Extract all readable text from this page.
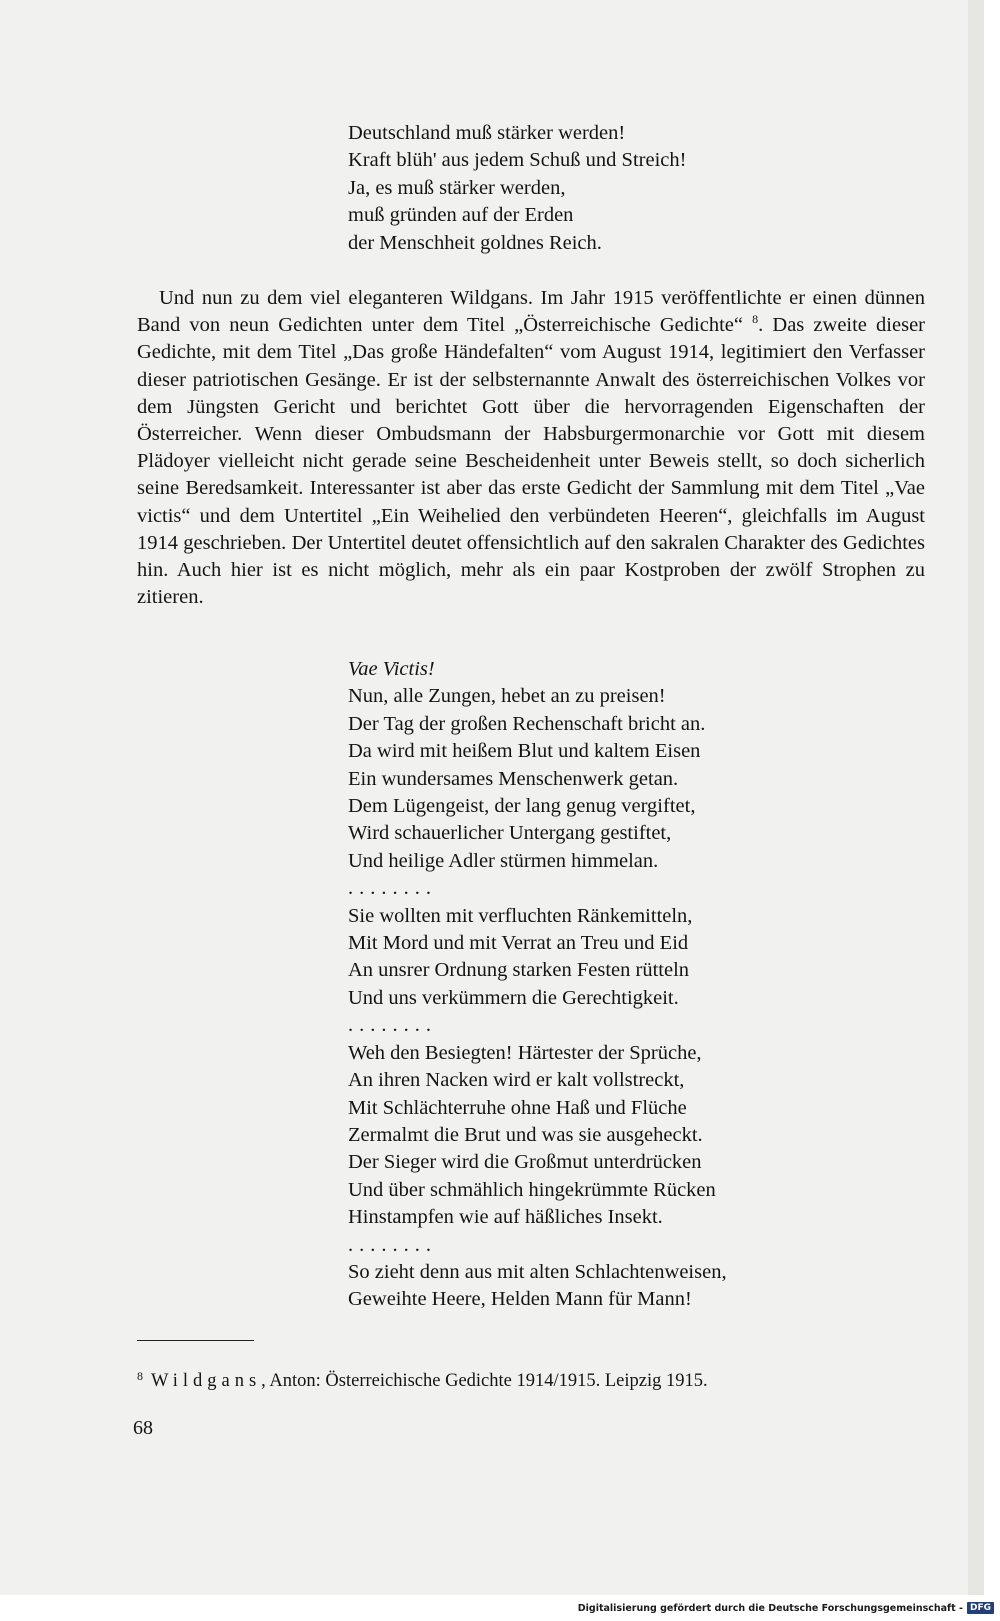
Deutschland muß stärker werden!
Kraft blüh' aus jedem Schuß und Streich!
Ja, es muß stärker werden,
muß gründen auf der Erden
der Menschheit goldnes Reich.

Und nun zu dem viel eleganteren Wildgans. Im Jahr 1915 veröffentlichte er einen dünnen Band von neun Gedichten unter dem Titel „Österreichische Gedichte“ $^8$. Das zweite dieser Gedichte, mit dem Titel „Das große Händefalten“ vom August 1914, legitimiert den Verfasser dieser patriotischen Gesänge. Er ist der selbsternannte Anwalt des österreichischen Volkes vor dem Jüngsten Gericht und berichtet Gott über die hervorragenden Eigenschaften der Österreicher. Wenn dieser Ombudsmann der Habsburgermonarchie vor Gott mit diesem Plädoyer vielleicht nicht gerade seine Bescheidenheit unter Beweis stellt, so doch sicherlich seine Beredsamkeit. Interessanter ist aber das erste Gedicht der Sammlung mit dem Titel „Vae victis“ und dem Untertitel „Ein Weihelied den verbündeten Heeren“, gleichfalls im August 1914 geschrieben. Der Untertitel deutet offensichtlich auf den sakralen Charakter des Gedichtes hin. Auch hier ist es nicht möglich, mehr als ein paar Kostproben der zwölf Strophen zu zitieren.

Vae Victis!
Nun, alle Zungen, hebet an zu preisen!
Der Tag der großen Rechenschaft bricht an.
Da wird mit heißem Blut und kaltem Eisen
Ein wundersames Menschenwerk getan.
Dem Lügengeist, der lang genug vergiftet,
Wird schauerlicher Untergang gestiftet,
Und heilige Adler stürmen himmelan.
........
Sie wollten mit verfluchten Ränkemitteln,
Mit Mord und mit Verrat an Treu und Eid
An unsrer Ordnung starken Festen rütteln
Und uns verkümmern die Gerechtigkeit.
........
Weh den Besiegten! Härtester der Sprüche,
An ihren Nacken wird er kalt vollstreckt,
Mit Schlächterruhe ohne Haß und Flüche
Zermalmt die Brut und was sie ausgeheckt.
Der Sieger wird die Großmut unterdrücken
Und über schmählich hingekrümmte Rücken
Hinstampfen wie auf häßliches Insekt.
........
So zieht denn aus mit alten Schlachtenweisen,
Geweihte Heere, Helden Mann für Mann!
$^8$ Wildgans, Anton: Österreichische Gedichte 1914/1915. Leipzig 1915.
68
Digitalisierung gefördert durch die Deutsche Forschungsgemeinschaft - DFG
